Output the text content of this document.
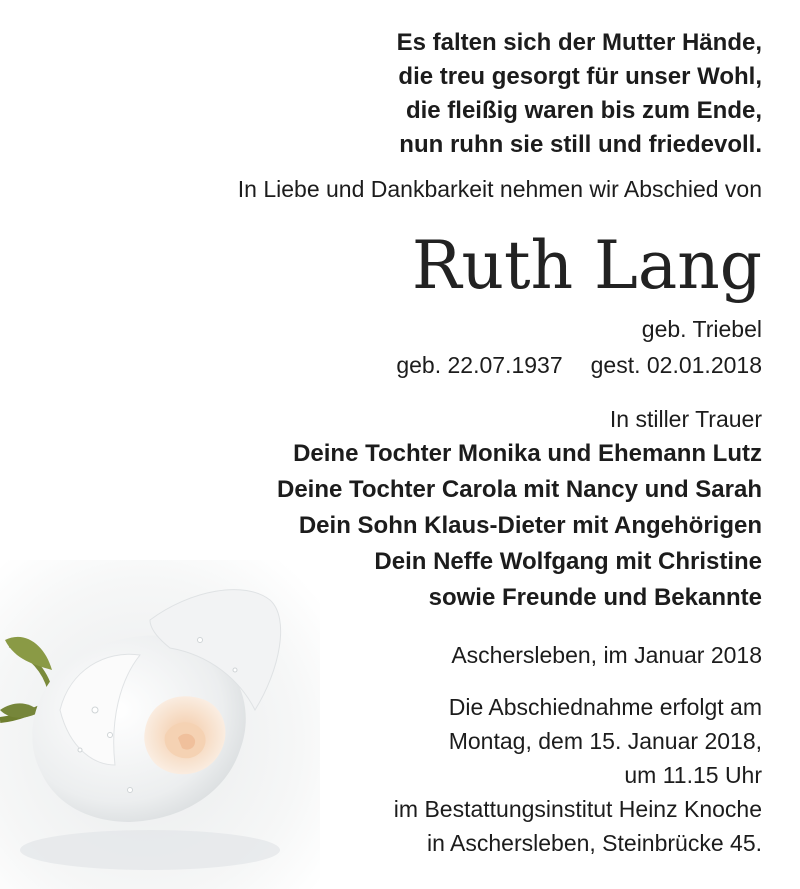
Es falten sich der Mutter Hände,
die treu gesorgt für unser Wohl,
die fleißig waren bis zum Ende,
nun ruhn sie still und friedevoll.
In Liebe und Dankbarkeit nehmen wir Abschied von
Ruth Lang
geb. Triebel
geb. 22.07.1937 gest. 02.01.2018
In stiller Trauer
Deine Tochter Monika und Ehemann Lutz
Deine Tochter Carola mit Nancy und Sarah
Dein Sohn Klaus-Dieter mit Angehörigen
Dein Neffe Wolfgang mit Christine
sowie Freunde und Bekannte
Aschersleben, im Januar 2018
Die Abschiednahme erfolgt am
Montag, dem 15. Januar 2018,
um 11.15 Uhr
im Bestattungsinstitut Heinz Knoche
in Aschersleben, Steinbrücke 45.
